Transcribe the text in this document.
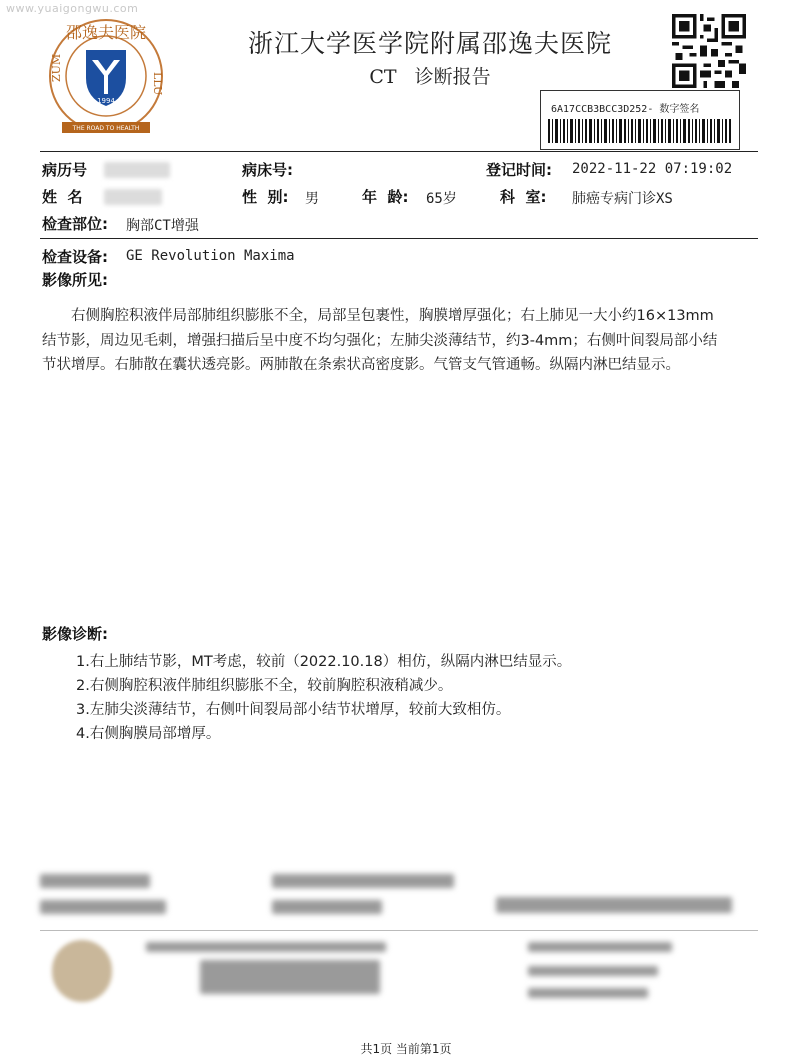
www.yuaigongwu.com
邵逸夫医院
ZUM
LLU
1994
THE ROAD TO HEALTH
浙江大学医学院附属邵逸夫医院
CT   诊断报告
6A17CCB3BCC3D252- 数字签名
病历号	病床号:	登记时间: 2022-11-22 07:19:02
姓  名	性  别: 男	年  龄: 65岁	科  室: 肺癌专病门诊XS
检查部位: 胸部CT增强
检查设备: GE Revolution Maxima
影像所见:
右侧胸腔积液伴局部肺组织膨胀不全，局部呈包裹性，胸膜增厚强化；右上肺见一大小约16×13mm结节影，周边见毛刺，增强扫描后呈中度不均匀强化；左肺尖淡薄结节，约3-4mm；右侧叶间裂局部小结节状增厚。右肺散在囊状透亮影。两肺散在条索状高密度影。气管支气管通畅。纵隔内淋巴结显示。
影像诊断:
1.右上肺结节影，MT考虑，较前（2022.10.18）相仿，纵隔内淋巴结显示。
2.右侧胸腔积液伴肺组织膨胀不全，较前胸腔积液稍减少。
3.左肺尖淡薄结节，右侧叶间裂局部小结节状增厚，较前大致相仿。
4.右侧胸膜局部增厚。
共1页 当前第1页
